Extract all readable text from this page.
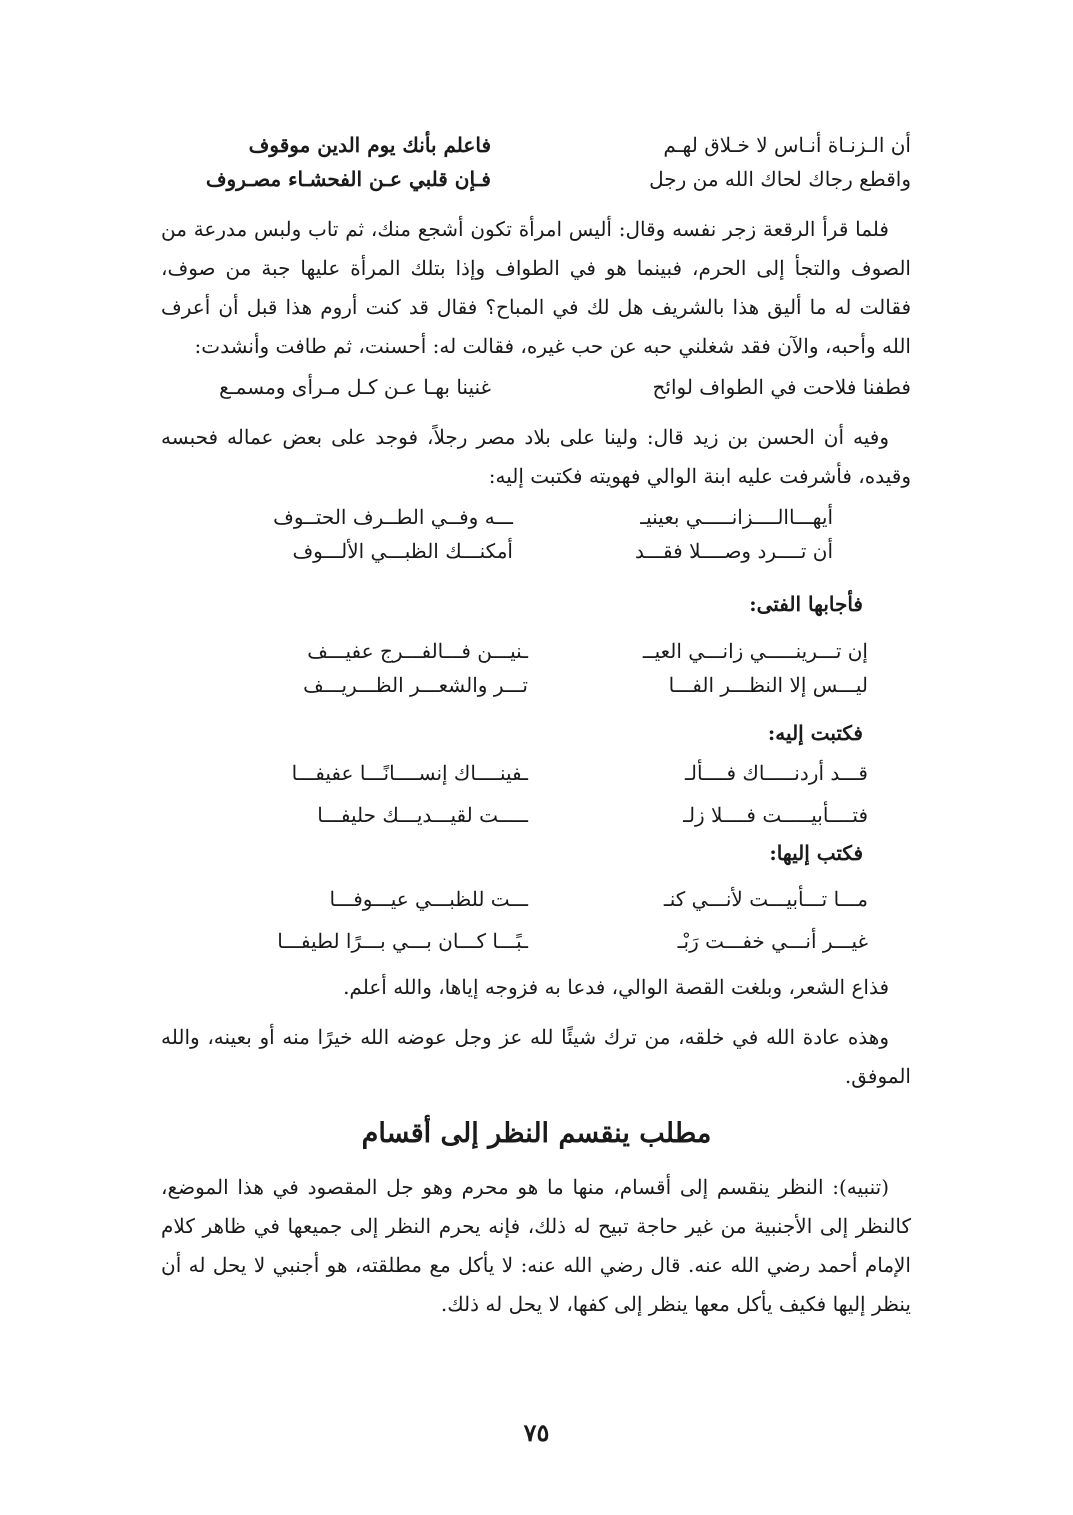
أن الـزنـاة أنـاس لا خـلاق لهـم
فاعلم بأنك يوم الدين موقوف
واقطع رجاك لحاك الله من رجل
فـإن قلبي عـن الفحشـاء مصـروف

فلما قرأ الرقعة زجر نفسه وقال: أليس امرأة تكون أشجع منك، ثم تاب ولبس مدرعة من الصوف والتجأ إلى الحرم، فبينما هو في الطواف وإذا بتلك المرأة عليها جبة من صوف، فقالت له ما أليق هذا بالشريف هل لك في المباح؟ فقال قد كنت أروم هذا قبل أن أعرف الله وأحبه، والآن فقد شغلني حبه عن حب غيره، فقالت له: أحسنت، ثم طافت وأنشدت:

فطفنا فلاحت في الطواف لوائح
غنينا بهـا عـن كـل مـرأى ومسمـع

وفيه أن الحسن بن زيد قال: ولينا على بلاد مصر رجلاً، فوجد على بعض عماله فحبسه وقيده، فأشرفت عليه ابنة الوالي فهويته فكتبت إليه:

أيهـــاالــــزانـــــي بعينيـ
ـــه وفــي الطــرف الحتــوف
أن تــــرد وصــــلا فقـــد
أمكنـــك الظبـــي الألـــوف

فأجابها الفتى:

إن تـــرينـــــي زانـــي العيــ
ـنيـــن فـــالفـــرج عفيـــف
ليـــس إلا النظـــر الفـــا
تـــر والشعـــر الظـــريـــف

فكتبت إليه:

قـــد أردنـــــاك فــــألـ
ـفينــــاك إنســــانًـــا عفيفـــا
فتــــأبيـــــت فــــلا زلـ
ـــــت لقيـــديـــك حليفـــا

فكتب إليها:

مـــا تـــأبيـــت لأنـــي كنـ
ـــت للظبـــي عيـــوفـــا
غيـــر أنـــي خفـــت رَبْـ
ـبًـــا كـــان بـــي بـــرًا لطيفـــا

فذاع الشعر، وبلغت القصة الوالي، فدعا به فزوجه إياها، والله أعلم.

وهذه عادة الله في خلقه، من ترك شيئًا لله عز وجل عوضه الله خيرًا منه أو بعينه، والله الموفق.

مطلب ينقسم النظر إلى أقسام

(تنبيه): النظر ينقسم إلى أقسام، منها ما هو محرم وهو جل المقصود في هذا الموضع، كالنظر إلى الأجنبية من غير حاجة تبيح له ذلك، فإنه يحرم النظر إلى جميعها في ظاهر كلام الإمام أحمد رضي الله عنه. قال رضي الله عنه: لا يأكل مع مطلقته، هو أجنبي لا يحل له أن ينظر إليها فكيف يأكل معها ينظر إلى كفها، لا يحل له ذلك.

٧٥
